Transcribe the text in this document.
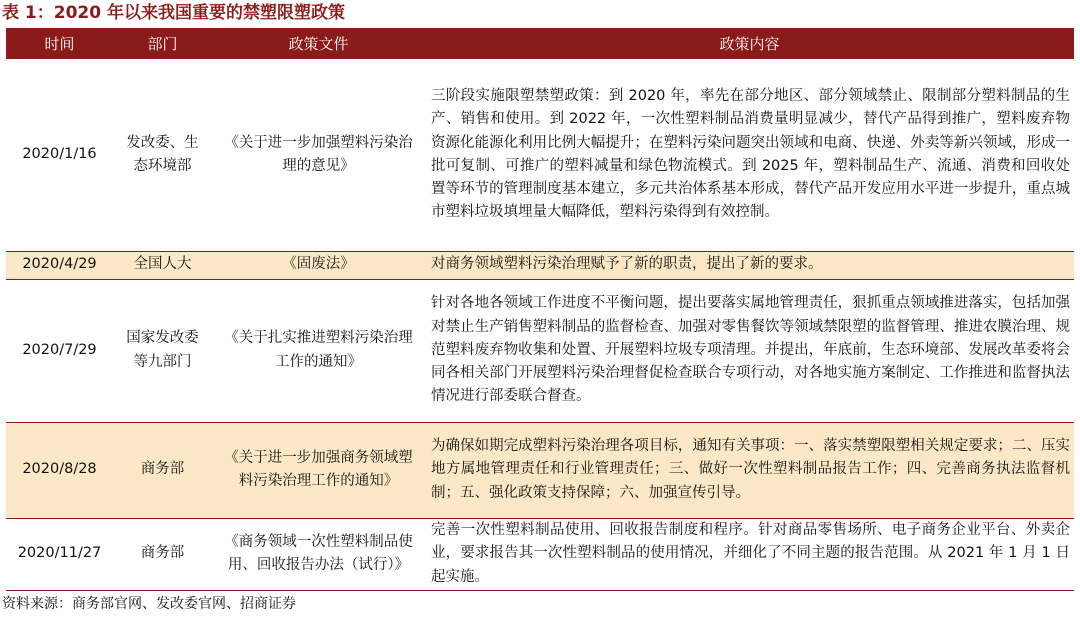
表 1：2020 年以来我国重要的禁塑限塑政策
时间	部门	政策文件	政策内容
2020/1/16	发改委、生态环境部	《关于进一步加强塑料污染治理的意见》	三阶段实施限塑禁塑政策：到 2020 年，率先在部分地区、部分领域禁止、限制部分塑料制品的生产、销售和使用。到 2022 年，一次性塑料制品消费量明显减少，替代产品得到推广，塑料废弃物资源化能源化利用比例大幅提升；在塑料污染问题突出领域和电商、快递、外卖等新兴领域，形成一批可复制、可推广的塑料减量和绿色物流模式。到 2025 年，塑料制品生产、流通、消费和回收处置等环节的管理制度基本建立，多元共治体系基本形成，替代产品开发应用水平进一步提升，重点城市塑料垃圾填埋量大幅降低，塑料污染得到有效控制。
2020/4/29	全国人大	《固废法》	对商务领域塑料污染治理赋予了新的职责，提出了新的要求。
2020/7/29	国家发改委等九部门	《关于扎实推进塑料污染治理工作的通知》	针对各地各领域工作进度不平衡问题，提出要落实属地管理责任，狠抓重点领域推进落实，包括加强对禁止生产销售塑料制品的监督检查、加强对零售餐饮等领域禁限塑的监督管理、推进农膜治理、规范塑料废弃物收集和处置、开展塑料垃圾专项清理。并提出，年底前，生态环境部、发展改革委将会同各相关部门开展塑料污染治理督促检查联合专项行动，对各地实施方案制定、工作推进和监督执法情况进行部委联合督查。
2020/8/28	商务部	《关于进一步加强商务领域塑料污染治理工作的通知》	为确保如期完成塑料污染治理各项目标，通知有关事项：一、落实禁塑限塑相关规定要求；二、压实地方属地管理责任和行业管理责任；三、做好一次性塑料制品报告工作；四、完善商务执法监督机制；五、强化政策支持保障；六、加强宣传引导。
2020/11/27	商务部	《商务领域一次性塑料制品使用、回收报告办法（试行）》	完善一次性塑料制品使用、回收报告制度和程序。针对商品零售场所、电子商务企业平台、外卖企业，要求报告其一次性塑料制品的使用情况，并细化了不同主题的报告范围。从 2021 年 1 月 1 日起实施。
资料来源：商务部官网、发改委官网、招商证券
